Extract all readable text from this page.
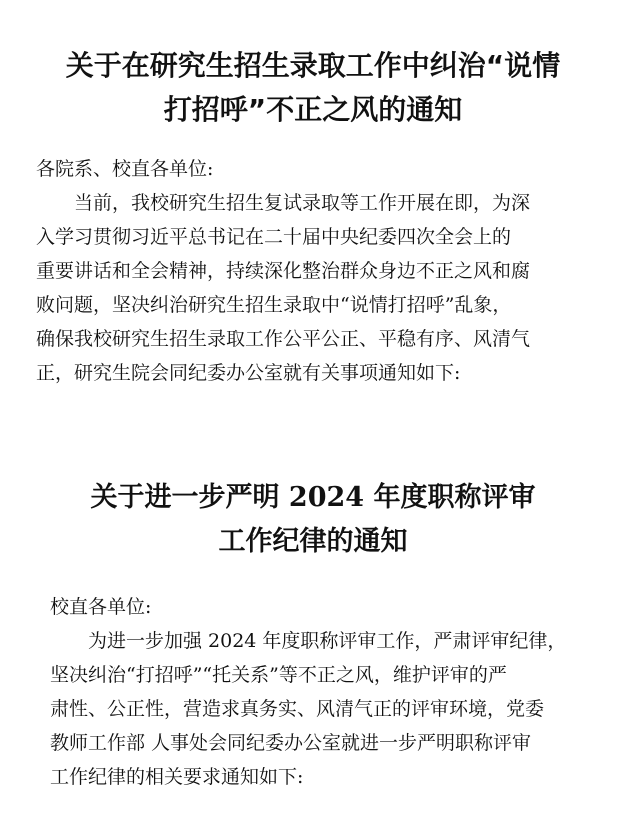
关于在研究生招生录取工作中纠治“说情
打招呼”不正之风的通知

各院系、校直各单位:

当前，我校研究生招生复试录取等工作开展在即，为深
入学习贯彻习近平总书记在二十届中央纪委四次全会上的
重要讲话和全会精神，持续深化整治群众身边不正之风和腐
败问题，坚决纠治研究生招生录取中“说情打招呼”乱象，
确保我校研究生招生录取工作公平公正、平稳有序、风清气
正，研究生院会同纪委办公室就有关事项通知如下:

关于进一步严明 2024 年度职称评审
工作纪律的通知

校直各单位:

为进一步加强 2024 年度职称评审工作，严肃评审纪律，
坚决纠治“打招呼”“托关系”等不正之风，维护评审的严
肃性、公正性，营造求真务实、风清气正的评审环境，党委
教师工作部 人事处会同纪委办公室就进一步严明职称评审
工作纪律的相关要求通知如下:
